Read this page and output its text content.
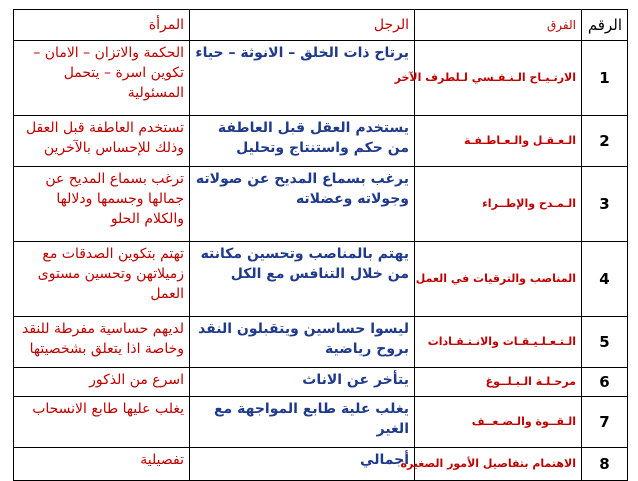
الرقم	الفرق	الرجل	المرأة
1	الارتـيـاح الـنـفـسي لـلطرف الآخر	يرتاح ذات الخلق – الانوثة – حياء	الحكمة والاتزان – الامان – تكوين اسرة – يتحمل المسئولية
2	الـعـقـل والـعـاطـفـة	يستخدم العقل قبل العاطفة من حكم واستنتاج وتحليل	تستخدم العاطفة قبل العقل وذلك للإحساس بالآخرين
3	الـمـدح والإطــراء	يرغب بسماع المديح عن صولاته وجولاته وعضلاته	ترغب بسماع المديح عن جمالها وجسمها ودلالها والكلام الحلو
4	المناصب والترقيات في العمل	يهتم بالمناصب وتحسين مكانته من خلال التنافس مع الكل	تهتم بتكوين الصدقات مع زميلاتهن وتحسين مستوى العمل
5	الـتـعـلـيـقـات والانـتـقـادات	ليسوا حساسين ويتقبلون النقد بروح رياضية	لديهم حساسية مفرطة للنقد وخاصة اذا يتعلق بشخصيتها
6	مرحـلـة الـبـلــوغ	يتأخر عن الاناث	اسرع من الذكور
7	الـقــوة والـضـعــف	يغلب علية طابع المواجهة مع الغير	يغلب عليها طابع الانسحاب
8	الاهتمام بتفاصيل الأمور الصغيرة	أجمالي	تفصيلية
